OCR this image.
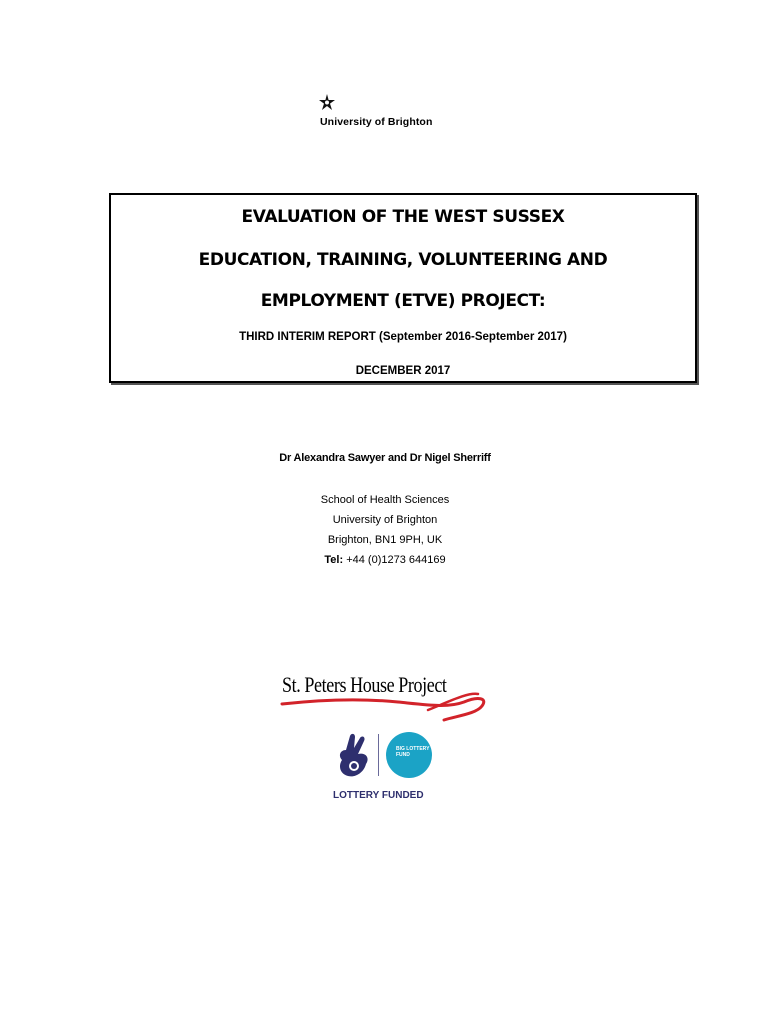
University of Brighton
EVALUATION OF THE WEST SUSSEX
EDUCATION, TRAINING, VOLUNTEERING AND
EMPLOYMENT (ETVE) PROJECT:
THIRD INTERIM REPORT (September 2016-September 2017)
DECEMBER 2017
Dr Alexandra Sawyer and Dr Nigel Sherriff
School of Health Sciences
University of Brighton
Brighton, BN1 9PH, UK
Tel: +44 (0)1273 644169
St. Peters House Project
BIG LOTTERY FUND
LOTTERY FUNDED
